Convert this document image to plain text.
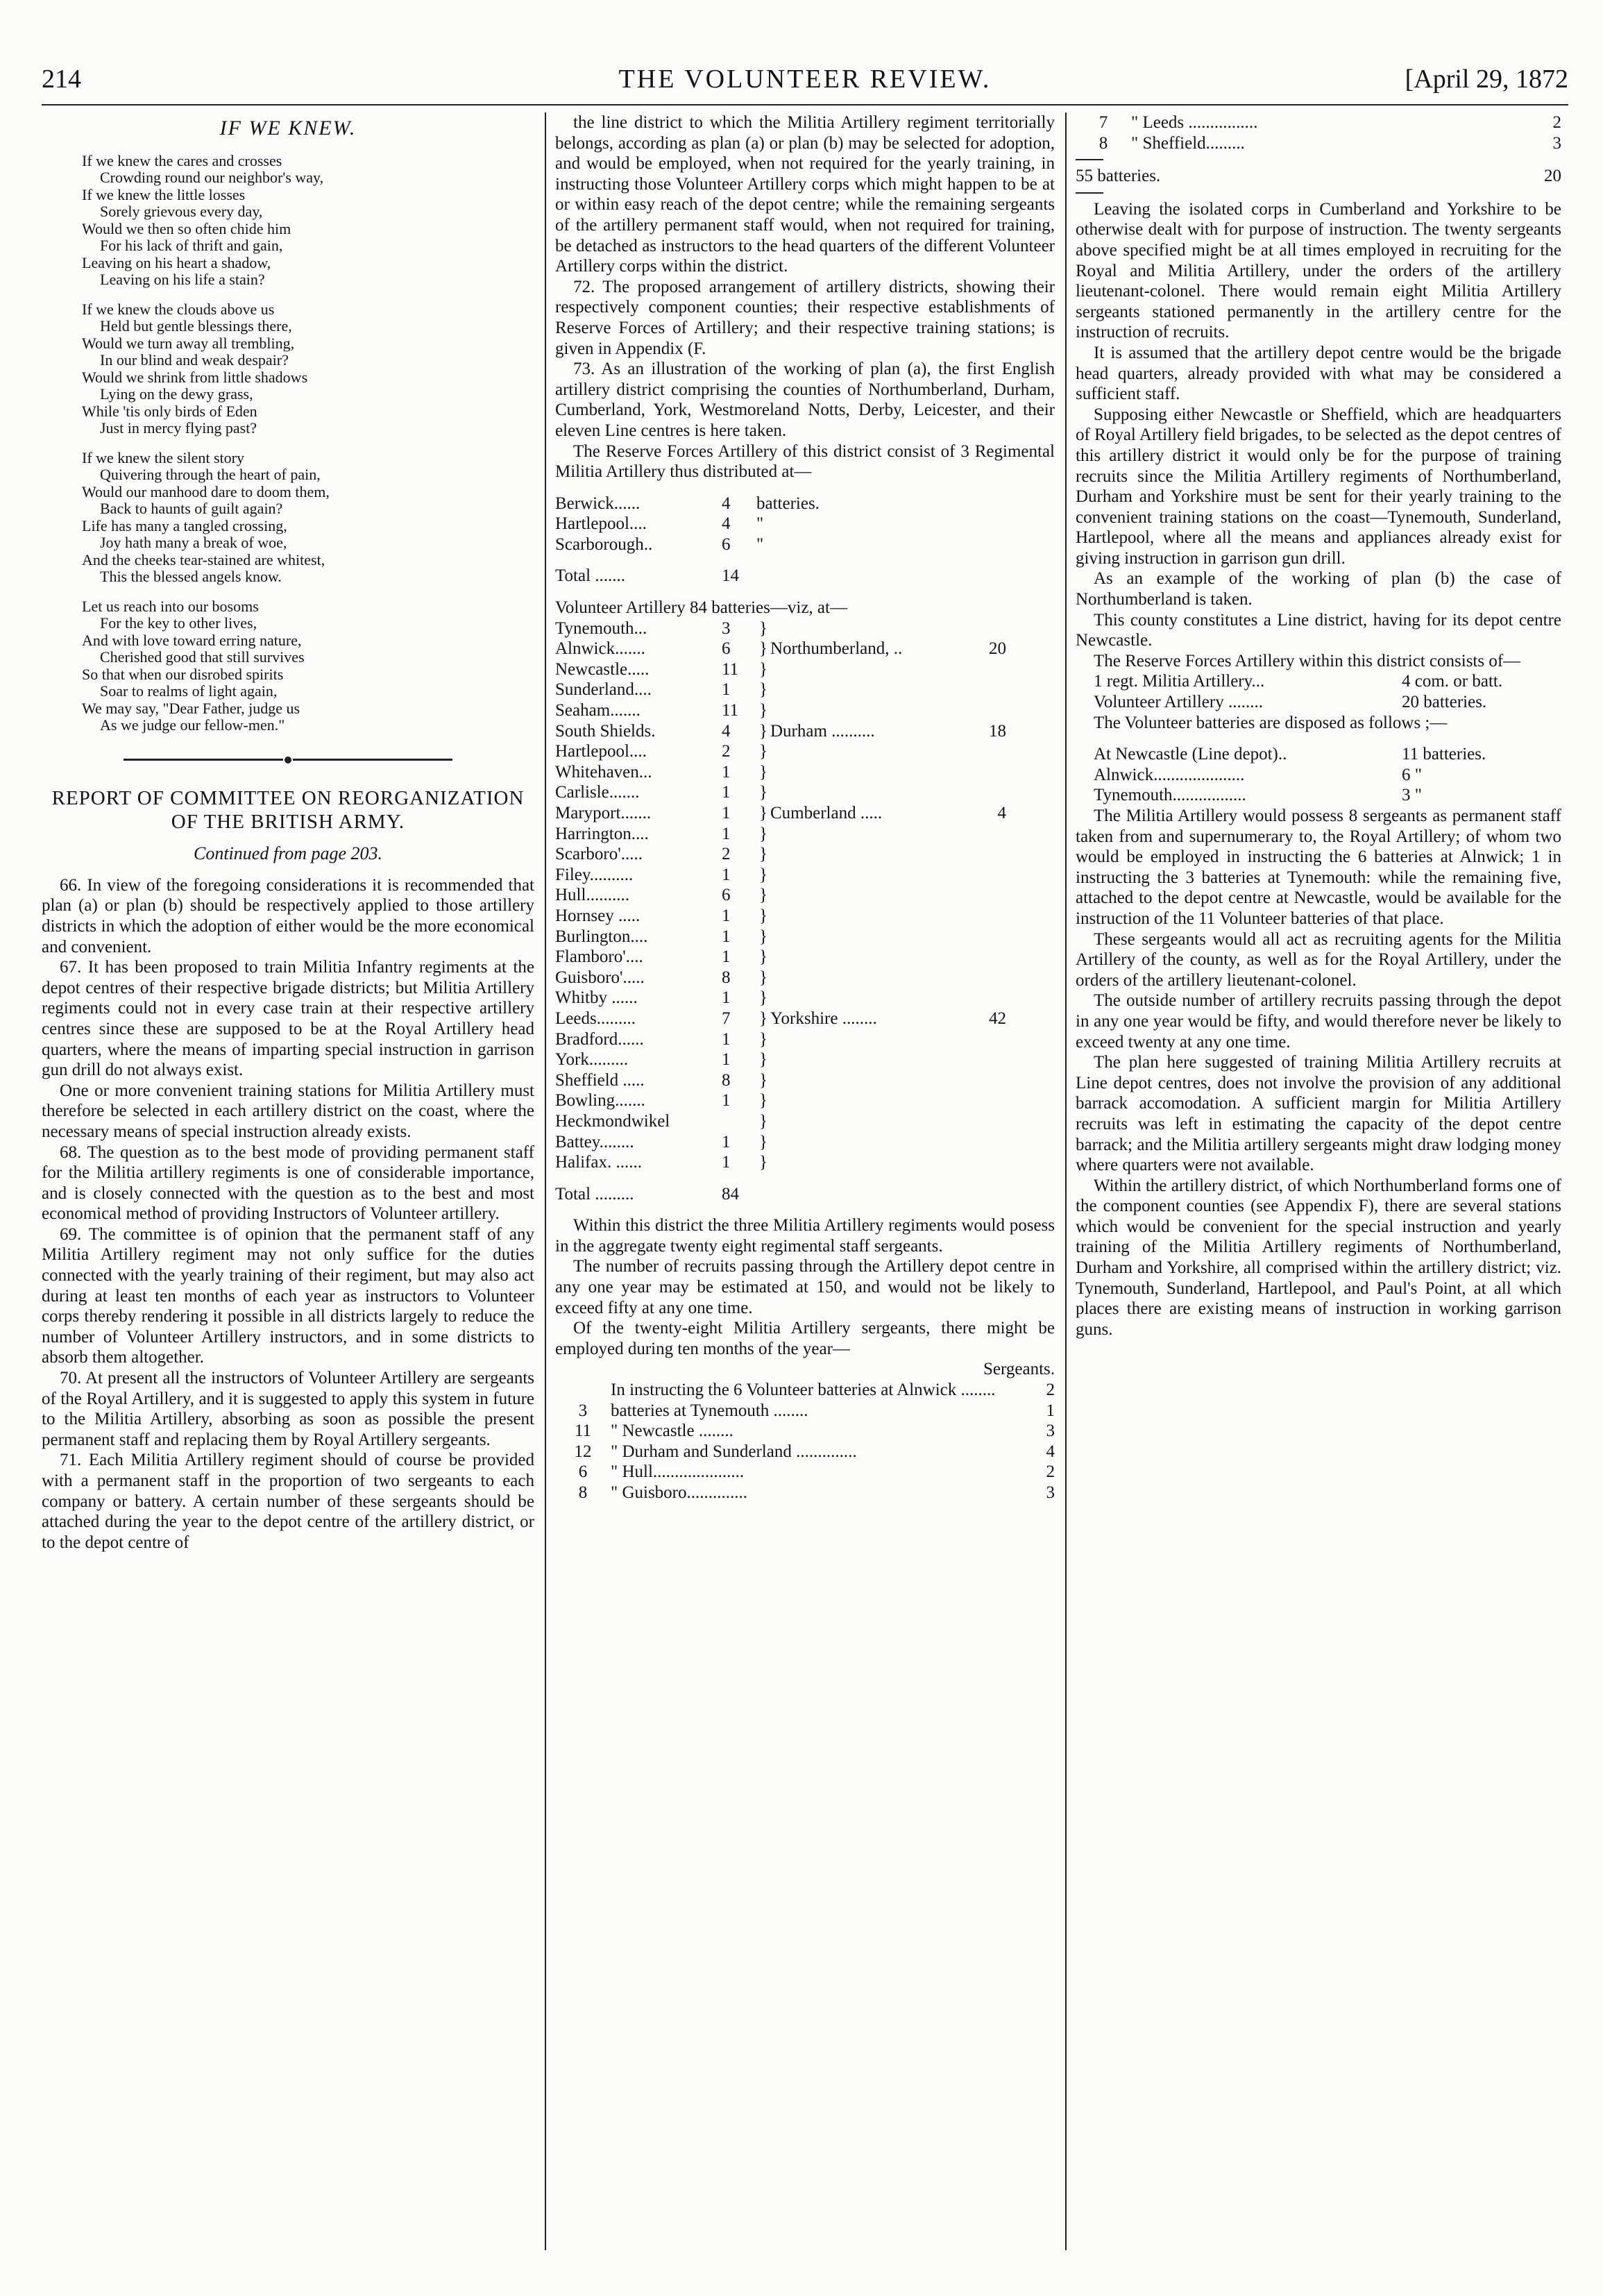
214	THE VOLUNTEER REVIEW.	[April 29, 1872
IF WE KNEW.
If we knew the cares and crosses
Crowding round our neighbor's way,
If we knew the little losses
Sorely grievous every day,
Would we then so often chide him
For his lack of thrift and gain,
Leaving on his heart a shadow,
Leaving on his life a stain?
If we knew the clouds above us
Held but gentle blessings there,
Would we turn away all trembling,
In our blind and weak despair?
Would we shrink from little shadows
Lying on the dewy grass,
While 'tis only birds of Eden
Just in mercy flying past?
If we knew the silent story
Quivering through the heart of pain,
Would our manhood dare to doom them,
Back to haunts of guilt again?
Life has many a tangled crossing,
Joy hath many a break of woe,
And the cheeks tear-stained are whitest,
This the blessed angels know.
Let us reach into our bosoms
For the key to other lives,
And with love toward erring nature,
Cherished good that still survives
So that when our disrobed spirits
Soar to realms of light again,
We may say, "Dear Father, judge us
As we judge our fellow-men."
REPORT OF COMMITTEE ON REORGANIZATION OF THE BRITISH ARMY.
Continued from page 203.

66. In view of the foregoing considerations it is recommended that plan (a) or plan (b) should be respectively applied to those artillery districts in which the adoption of either would be the more economical and convenient.

67. It has been proposed to train Militia Infantry regiments at the depot centres of their respective brigade districts; but Militia Artillery regiments could not in every case train at their respective artillery centres since these are supposed to be at the Royal Artillery head quarters, where the means of imparting special instruction in garrison gun drill do not always exist.

One or more convenient training stations for Militia Artillery must therefore be selected in each artillery district on the coast, where the necessary means of special instruction already exists.

68. The question as to the best mode of providing permanent staff for the Militia artillery regiments is one of considerable importance, and is closely connected with the question as to the best and most economical method of providing Instructors of Volunteer artillery.

69. The committee is of opinion that the permanent staff of any Militia Artillery regiment may not only suffice for the duties connected with the yearly training of their regiment, but may also act during at least ten months of each year as instructors to Volunteer corps thereby rendering it possible in all districts largely to reduce the number of Volunteer Artillery instructors, and in some districts to absorb them altogether.

70. At present all the instructors of Volunteer Artillery are sergeants of the Royal Artillery, and it is suggested to apply this system in future to the Militia Artillery, absorbing as soon as possible the present permanent staff and replacing them by Royal Artillery sergeants.

71. Each Militia Artillery regiment should of course be provided with a permanent staff in the proportion of two sergeants to each company or battery. A certain number of these sergeants should be attached during the year to the depot centre of the artillery district, or to the depot centre of

the line district to which the Militia Artillery regiment territorially belongs, according as plan (a) or plan (b) may be selected for adoption, and would be employed, when not required for the yearly training, in instructing those Volunteer Artillery corps which might happen to be at or within easy reach of the depot centre; while the remaining sergeants of the artillery permanent staff would, when not required for training, be detached as instructors to the head quarters of the different Volunteer Artillery corps within the district.

72. The proposed arrangement of artillery districts, showing their respectively component counties; their respective establishments of Reserve Forces of Artillery; and their respective training stations; is given in Appendix (F.

73. As an illustration of the working of plan (a), the first English artillery district comprising the counties of Northumberland, Durham, Cumberland, York, Westmoreland Notts, Derby, Leicester, and their eleven Line centres is here taken.

The Reserve Forces Artillery of this district consist of 3 Regimental Militia Artillery thus distributed at—

Berwick......	4	batteries.
Hartlepool....	4	"
Scarborough..	6	"
Total .......	14

Volunteer Artillery 84 batteries—viz, at—

Tynemouth...	3	}
Alnwick.......	6	} Northumberland, ..	20
Newcastle.....	11	}
Sunderland....	1	}
Seaham.......	11	}
South Shields.	4	} Durham ..........	18
Hartlepool....	2	}
Whitehaven...	1	}
Carlisle.......	1	}
Maryport.......	1	} Cumberland .....	4
Harrington....	1	}
Scarboro'.....	2	}
Filey..........	1	}
Hull..........	6	}
Hornsey .....	1	}
Burlington....	1	}
Flamboro'....	1	}
Guisboro'.....	8	}
Whitby ......	1	}
Leeds.........	7	} Yorkshire ........	42
Bradford......	1	}
York.........	1	}
Sheffield .....	8	}
Bowling.......	1	}
Heckmondwikel	}
Battey........	1	}
Halifax. ......	1	}
Total .........	84

Within this district the three Militia Artillery regiments would posess in the aggregate twenty eight regimental staff sergeants.

The number of recruits passing through the Artillery depot centre in any one year may be estimated at 150, and would not be likely to exceed fifty at any one time.

Of the twenty-eight Militia Artillery sergeants, there might be employed during ten months of the year—

Sergeants.
In instructing the 6 Volunteer batteries at Alnwick ........	2
3	batteries at Tynemouth ........	1
11	" Newcastle ........	3
12	" Durham and Sunderland ..............	4
6	" Hull.....................	2
8	" Guisboro..............	3
7	" Leeds ................	2
8	" Sheffield.........	3
55 batteries.	20

Leaving the isolated corps in Cumberland and Yorkshire to be otherwise dealt with for purpose of instruction. The twenty sergeants above specified might be at all times employed in recruiting for the Royal and Militia Artillery, under the orders of the artillery lieutenant-colonel. There would remain eight Militia Artillery sergeants stationed permanently in the artillery centre for the instruction of recruits.

It is assumed that the artillery depot centre would be the brigade head quarters, already provided with what may be considered a sufficient staff.

Supposing either Newcastle or Sheffield, which are headquarters of Royal Artillery field brigades, to be selected as the depot centres of this artillery district it would only be for the purpose of training recruits since the Militia Artillery regiments of Northumberland, Durham and Yorkshire must be sent for their yearly training to the convenient training stations on the coast—Tynemouth, Sunderland, Hartlepool, where all the means and appliances already exist for giving instruction in garrison gun drill.

As an example of the working of plan (b) the case of Northumberland is taken.

This county constitutes a Line district, having for its depot centre Newcastle.

The Reserve Forces Artillery within this district consists of—

1 regt. Militia Artillery...	4 com. or batt.
Volunteer Artillery ........	20 batteries.

The Volunteer batteries are disposed as follows ;—

At Newcastle (Line depot)..	11 batteries.
Alnwick.....................	6 "
Tynemouth.................	3 "

The Militia Artillery would possess 8 sergeants as permanent staff taken from and supernumerary to, the Royal Artillery; of whom two would be employed in instructing the 6 batteries at Alnwick; 1 in instructing the 3 batteries at Tynemouth: while the remaining five, attached to the depot centre at Newcastle, would be available for the instruction of the 11 Volunteer batteries of that place.

These sergeants would all act as recruiting agents for the Militia Artillery of the county, as well as for the Royal Artillery, under the orders of the artillery lieutenant-colonel.

The outside number of artillery recruits passing through the depot in any one year would be fifty, and would therefore never be likely to exceed twenty at any one time.

The plan here suggested of training Militia Artillery recruits at Line depot centres, does not involve the provision of any additional barrack accomodation. A sufficient margin for Militia Artillery recruits was left in estimating the capacity of the depot centre barrack; and the Militia artillery sergeants might draw lodging money where quarters were not available.

Within the artillery district, of which Northumberland forms one of the component counties (see Appendix F), there are several stations which would be convenient for the special instruction and yearly training of the Militia Artillery regiments of Northumberland, Durham and Yorkshire, all comprised within the artillery district; viz. Tynemouth, Sunderland, Hartlepool, and Paul's Point, at all which places there are existing means of instruction in working garrison guns.
